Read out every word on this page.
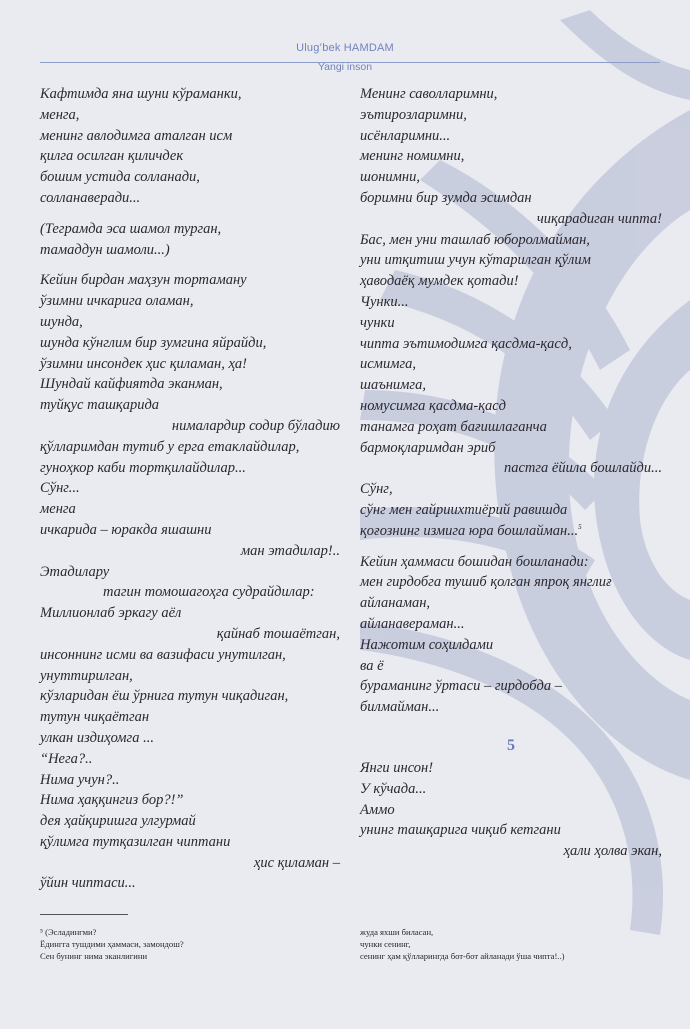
Ulug’bek HAMDAM
Yangi inson
Кафтимда яна шуни кўраманки,
менга,
менинг авлодимга аталган исм
қилга осилган қиличдек
бошим устида солланади,
солланаверади...
(Теграмда эса шамол турган,
тамаддун шамоли...)
Кейин бирдан маҳзун тортаману
ўзимни ичкарига оламан,
шунда,
шунда кўнглим бир зумгина яйрайди,
ўзимни инсондек ҳис қиламан, ҳа!
Шундай кайфиятда эканман,
туйқус ташқарида
нималардир содир бўладию
қўлларимдан тутиб у ерга етаклайдилар,
гуноҳкор каби тортқилайдилар...
Сўнг...
менга
ичкарида – юракда яшашни
ман этадилар!..
Этадилару
тагин томошагоҳга судрайдилар:
Миллионлаб эркагу аёл
қайнаб тошаётган,
инсоннинг исми ва вазифаси унутилган,
унуттирилган,
кўзларидан ёш ўрнига тутун чиқадиган,
тутун чиқаётган
улкан издиҳомга ...
“Нега?..
Нима учун?..
Нима ҳаққингиз бор?!”
дея ҳайқиришга улгурмай
қўлимга тутқазилган чиптани
ҳис қиламан –
ўйин чиптаси...
Менинг саволларимни,
эътирозларимни,
исёнларимни...
менинг номимни,
шонимни,
боримни бир зумда эсимдан
чиқарадиган чипта!
Бас, мен уни ташлаб юборолмайман,
уни итқитиш учун кўтарилган қўлим
ҳаводаёқ мумдек қотади!
Чунки...
чунки
чипта эътимодимга қасдма-қасд,
исмимга,
шаънимга,
номусимга қасдма-қасд
танамга роҳат бағишлаганча
бармоқларимдан эриб
пастга ёйила бошлайди...
Сўнг,
сўнг мен гайриихтиёрий равишда
қоғознинг измига юра бошлайман...$^5$
Кейин ҳаммаси бошидан бошланади:
мен гирдобга тушиб қолган япроқ янглиғ
айланаман,
айланавераман...
Нажотим соҳилдами
ва ё
бураманинг ўртаси – гирдобда –
билмайман...
5
Янги инсон!
У кўчада...
Аммо
унинг ташқарига чиқиб кетгани
ҳали ҳолва экан,
⁵ (Эсладингми?
Ёдингга тушдими ҳаммаси, замондош?
Сен бунинг нима эканлигини
жуда яхши биласан,
чунки сенинг,
сенинг ҳам қўлларингда бот-бот айланади ўша чипта!..)
